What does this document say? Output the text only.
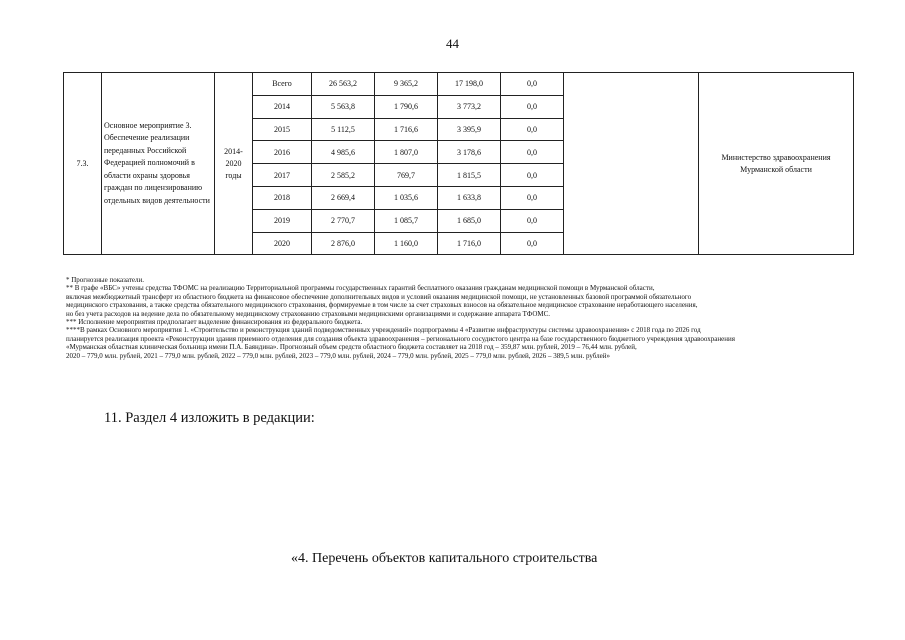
44
7.3.	Основное мероприятие 3. Обеспечение реализации переданных Российской Федерацией полномочий в области охраны здоровья граждан по лицензированию отдельных видов деятельности	2014-2020 годы	Всего	26 563,2	9 365,2	17 198,0	0,0		Министерство здравоохранения Мурманской области
			2014	5 563,8	1 790,6	3 773,2	0,0		
			2015	5 112,5	1 716,6	3 395,9	0,0		
			2016	4 985,6	1 807,0	3 178,6	0,0		
			2017	2 585,2	769,7	1 815,5	0,0		
			2018	2 669,4	1 035,6	1 633,8	0,0		
			2019	2 770,7	1 085,7	1 685,0	0,0		
			2020	2 876,0	1 160,0	1 716,0	0,0		
* Прогнозные показатели.
** В графе «ВБС» учтены средства ТФОМС на реализацию Территориальной программы государственных гарантий бесплатного оказания гражданам медицинской помощи в Мурманской области,
включая межбюджетный трансферт из областного бюджета на финансовое обеспечение дополнительных видов и условий оказания медицинской помощи, не установленных базовой программой обязательного
медицинского страхования, а также средства обязательного медицинского страхования, формируемые в том числе за счет страховых взносов на обязательное медицинское страхование неработающего населения,
но без учета расходов на ведение дела по обязательному медицинскому страхованию страховыми медицинскими организациями и содержание аппарата ТФОМС.
*** Исполнение мероприятия предполагает выделение финансирования из федерального бюджета.
****В рамках Основного мероприятия 1. «Строительство и реконструкция зданий подведомственных учреждений» подпрограммы 4 «Развитие инфраструктуры системы здравоохранения» с 2018 года по 2026 год
планируется реализация проекта «Реконструкции здания приемного отделения для создания объекта здравоохранения – регионального сосудистого центра на базе государственного бюджетного учреждения здравоохранения
«Мурманская областная клиническая больница имени П.А. Баяндина». Прогнозный объем средств областного бюджета составляет на 2018 год – 359,87 млн. рублей, 2019 – 76,44 млн. рублей,
2020 – 779,0 млн. рублей, 2021 – 779,0 млн. рублей, 2022 – 779,0 млн. рублей, 2023 – 779,0 млн. рублей, 2024 – 779,0 млн. рублей, 2025 – 779,0 млн. рублей, 2026 – 389,5 млн. рублей»
11. Раздел 4 изложить в редакции:
«4. Перечень объектов капитального строительства
